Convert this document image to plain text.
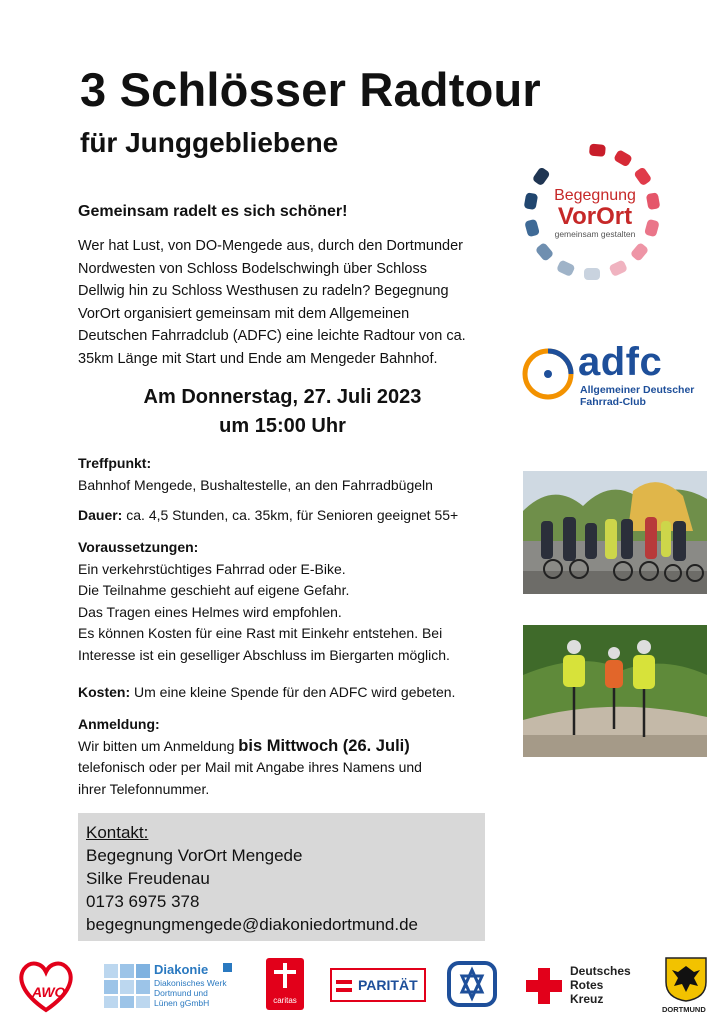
3 Schlösser Radtour
für Junggebliebene
Gemeinsam radelt es sich schöner!
Wer hat Lust, von DO-Mengede aus, durch den Dortmunder
Nordwesten von Schloss Bodelschwingh über Schloss
Dellwig hin zu Schloss Westhusen zu radeln? Begegnung
VorOrt organisiert gemeinsam mit dem Allgemeinen
Deutschen Fahrradclub (ADFC) eine leichte Radtour von ca.
35km Länge mit Start und Ende am Mengeder Bahnhof.
Am Donnerstag, 27. Juli 2023
um 15:00 Uhr
Treffpunkt:
Bahnhof Mengede, Bushaltestelle, an den Fahrradbügeln
Dauer: ca. 4,5 Stunden, ca. 35km, für Senioren geeignet 55+
Voraussetzungen:
Ein verkehrstüchtiges Fahrrad oder E-Bike.
Die Teilnahme geschieht auf eigene Gefahr.
Das Tragen eines Helmes wird empfohlen.
Es können Kosten für eine Rast mit Einkehr entstehen. Bei
Interesse ist ein geselliger Abschluss im Biergarten möglich.
Kosten: Um eine kleine Spende für den ADFC wird gebeten.
Anmeldung:
Wir bitten um Anmeldung bis Mittwoch (26. Juli)
telefonisch oder per Mail mit Angabe ihres Namens und
ihrer Telefonnummer.
Kontakt:
Begegnung VorOrt Mengede
Silke Freudenau
0173 6975 378
begegnungmengede@diakoniedortmund.de
Begegnung
VorOrt
gemeinsam gestalten
adfc
Allgemeiner Deutscher
Fahrrad-Club
AWO
Diakonie
Diakonisches Werk
Dortmund und
Lünen gGmbH	caritas
PARITÄT
Deutsches
Rotes
Kreuz
DORTMUND
